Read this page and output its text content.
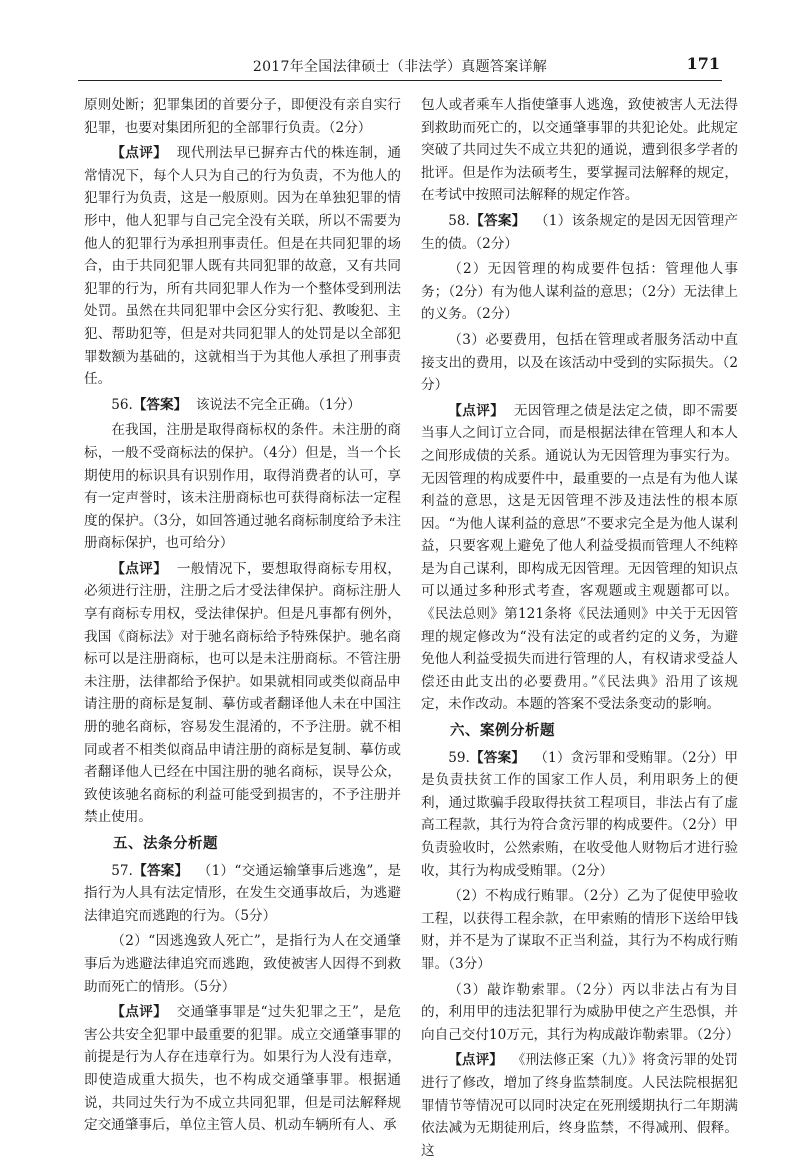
2017年全国法律硕士（非法学）真题答案详解	171

原则处断；犯罪集团的首要分子，即便没有亲自实行犯罪，也要对集团所犯的全部罪行负责。（2分）

【点评】 现代刑法早已摒弃古代的株连制，通常情况下，每个人只为自己的行为负责，不为他人的犯罪行为负责，这是一般原则。因为在单独犯罪的情形中，他人犯罪与自己完全没有关联，所以不需要为他人的犯罪行为承担刑事责任。但是在共同犯罪的场合，由于共同犯罪人既有共同犯罪的故意，又有共同犯罪的行为，所有共同犯罪人作为一个整体受到刑法处罚。虽然在共同犯罪中会区分实行犯、教唆犯、主犯、帮助犯等，但是对共同犯罪人的处罚是以全部犯罪数额为基础的，这就相当于为其他人承担了刑事责任。

56.【答案】 该说法不完全正确。（1分）

在我国，注册是取得商标权的条件。未注册的商标，一般不受商标法的保护。（4分）但是，当一个长期使用的标识具有识别作用，取得消费者的认可，享有一定声誉时，该未注册商标也可获得商标法一定程度的保护。（3分，如回答通过驰名商标制度给予未注册商标保护，也可给分）

【点评】 一般情况下，要想取得商标专用权，必须进行注册，注册之后才受法律保护。商标注册人享有商标专用权，受法律保护。但是凡事都有例外，我国《商标法》对于驰名商标给予特殊保护。驰名商标可以是注册商标，也可以是未注册商标。不管注册未注册，法律都给予保护。如果就相同或类似商品申请注册的商标是复制、摹仿或者翻译他人未在中国注册的驰名商标，容易发生混淆的，不予注册。就不相同或者不相类似商品申请注册的商标是复制、摹仿或者翻译他人已经在中国注册的驰名商标，误导公众，致使该驰名商标的利益可能受到损害的，不予注册并禁止使用。

五、法条分析题

57.【答案】 （1）“交通运输肇事后逃逸”，是指行为人具有法定情形，在发生交通事故后，为逃避法律追究而逃跑的行为。（5分）

（2）“因逃逸致人死亡”，是指行为人在交通肇事后为逃避法律追究而逃跑，致使被害人因得不到救助而死亡的情形。（5分）

【点评】 交通肇事罪是“过失犯罪之王”，是危害公共安全犯罪中最重要的犯罪。成立交通肇事罪的前提是行为人存在违章行为。如果行为人没有违章，即使造成重大损失，也不构成交通肇事罪。根据通说，共同过失行为不成立共同犯罪，但是司法解释规定交通肇事后，单位主管人员、机动车辆所有人、承

包人或者乘车人指使肇事人逃逸，致使被害人无法得到救助而死亡的，以交通肇事罪的共犯论处。此规定突破了共同过失不成立共犯的通说，遭到很多学者的批评。但是作为法硕考生，要掌握司法解释的规定，在考试中按照司法解释的规定作答。

58.【答案】 （1）该条规定的是因无因管理产生的债。（2分）

（2）无因管理的构成要件包括：管理他人事务；（2分）有为他人谋利益的意思；（2分）无法律上的义务。（2分）

（3）必要费用，包括在管理或者服务活动中直接支出的费用，以及在该活动中受到的实际损失。（2分）

【点评】 无因管理之债是法定之债，即不需要当事人之间订立合同，而是根据法律在管理人和本人之间形成债的关系。通说认为无因管理为事实行为。无因管理的构成要件中，最重要的一点是有为他人谋利益的意思，这是无因管理不涉及违法性的根本原因。“为他人谋利益的意思”不要求完全是为他人谋利益，只要客观上避免了他人利益受损而管理人不纯粹是为自己谋利，即构成无因管理。无因管理的知识点可以通过多种形式考查，客观题或主观题都可以。《民法总则》第121条将《民法通则》中关于无因管理的规定修改为“没有法定的或者约定的义务，为避免他人利益受损失而进行管理的人，有权请求受益人偿还由此支出的必要费用。”《民法典》沿用了该规定，未作改动。本题的答案不受法条变动的影响。

六、案例分析题

59.【答案】 （1）贪污罪和受贿罪。（2分）甲是负责扶贫工作的国家工作人员，利用职务上的便利，通过欺骗手段取得扶贫工程项目，非法占有了虚高工程款，其行为符合贪污罪的构成要件。（2分）甲负责验收时，公然索贿，在收受他人财物后才进行验收，其行为构成受贿罪。（2分）

（2）不构成行贿罪。（2分）乙为了促使甲验收工程，以获得工程余款，在甲索贿的情形下送给甲钱财，并不是为了谋取不正当利益，其行为不构成行贿罪。（3分）

（3）敲诈勒索罪。（2分）丙以非法占有为目的，利用甲的违法犯罪行为威胁甲使之产生恐惧，并向自己交付10万元，其行为构成敲诈勒索罪。（2分）

【点评】 《刑法修正案（九）》将贪污罪的处罚进行了修改，增加了终身监禁制度。人民法院根据犯罪情节等情况可以同时决定在死刑缓期执行二年期满依法减为无期徒刑后，终身监禁，不得减刑、假释。这
